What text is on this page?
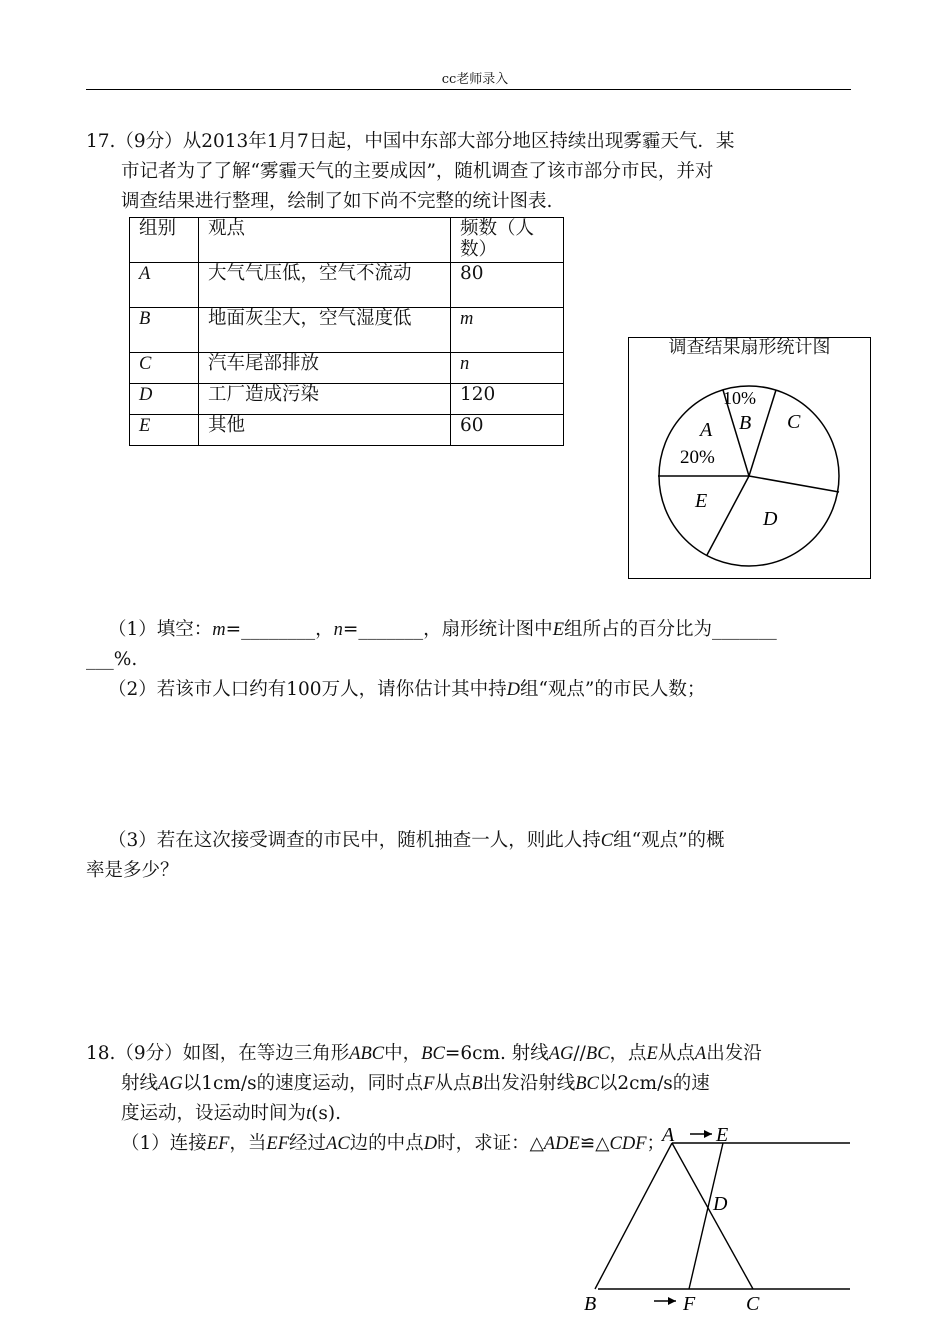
cc老师录入
17.（9分）从2013年1月7日起，中国中东部大部分地区持续出现雾霾天气．某
市记者为了了解“雾霾天气的主要成因”，随机调查了该市部分市民，并对
调查结果进行整理，绘制了如下尚不完整的统计图表.
组别	观点	频数（人数）
A	大气气压低，空气不流动	80
B	地面灰尘大，空气湿度低	m
C	汽车尾部排放	n
D	工厂造成污染	120
E	其他	60
调查结果扇形统计图
10%
B C
A
20%
E
D
（1）填空：m=________，n=_______，扇形统计图中E组所占的百分比为_______
___%.
（2）若该市人口约有100万人，请你估计其中持D组“观点”的市民人数；
（3）若在这次接受调查的市民中，随机抽查一人，则此人持C组“观点”的概
率是多少？
18.（9分）如图，在等边三角形ABC中，BC=6cm. 射线AG//BC，点E从点A出发沿
射线AG以1cm/s的速度运动，同时点F从点B出发沿射线BC以2cm/s的速
度运动，设运动时间为t(s).
A E
D
B	F	C
（1）连接EF，当EF经过AC边的中点D时，求证：△ADE≌△CDF；
